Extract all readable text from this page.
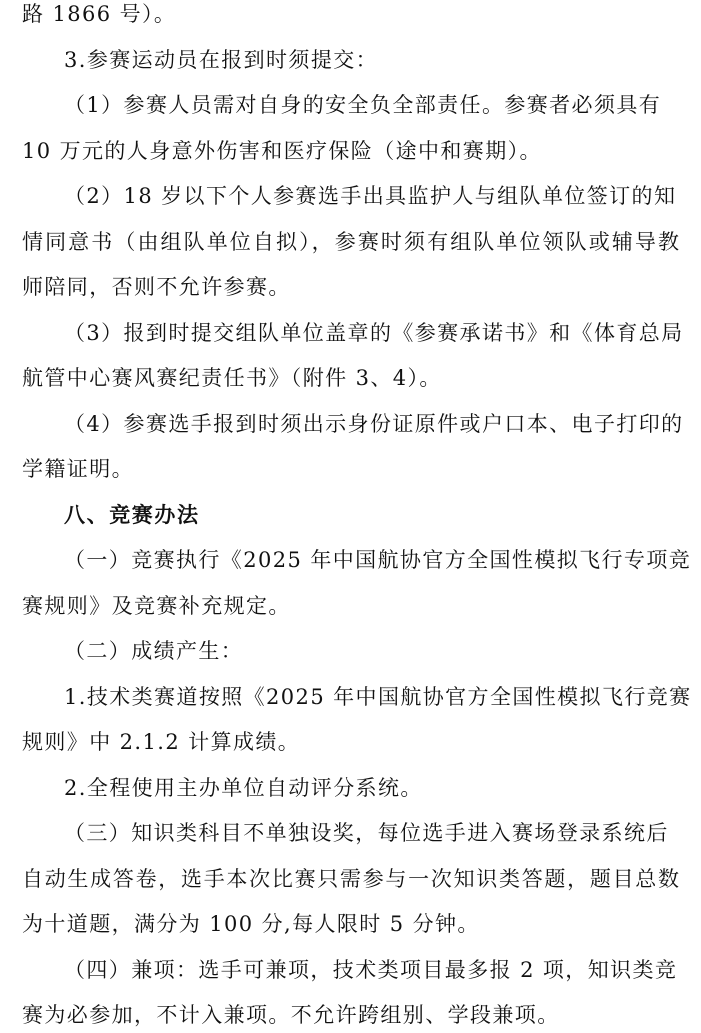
路 1866 号）。
3.参赛运动员在报到时须提交：
（1）参赛人员需对自身的安全负全部责任。参赛者必须具有
10 万元的人身意外伤害和医疗保险（途中和赛期）。
（2）18 岁以下个人参赛选手出具监护人与组队单位签订的知
情同意书（由组队单位自拟），参赛时须有组队单位领队或辅导教
师陪同，否则不允许参赛。
（3）报到时提交组队单位盖章的《参赛承诺书》和《体育总局
航管中心赛风赛纪责任书》（附件 3、4）。
（4）参赛选手报到时须出示身份证原件或户口本、电子打印的
学籍证明。
八、竞赛办法
（一）竞赛执行《2025 年中国航协官方全国性模拟飞行专项竞
赛规则》及竞赛补充规定。
（二）成绩产生：
1.技术类赛道按照《2025 年中国航协官方全国性模拟飞行竞赛
规则》中 2.1.2 计算成绩。
2.全程使用主办单位自动评分系统。
（三）知识类科目不单独设奖，每位选手进入赛场登录系统后
自动生成答卷，选手本次比赛只需参与一次知识类答题，题目总数
为十道题，满分为 100 分,每人限时 5 分钟。
（四）兼项：选手可兼项，技术类项目最多报 2 项，知识类竞
赛为必参加，不计入兼项。不允许跨组别、学段兼项。
